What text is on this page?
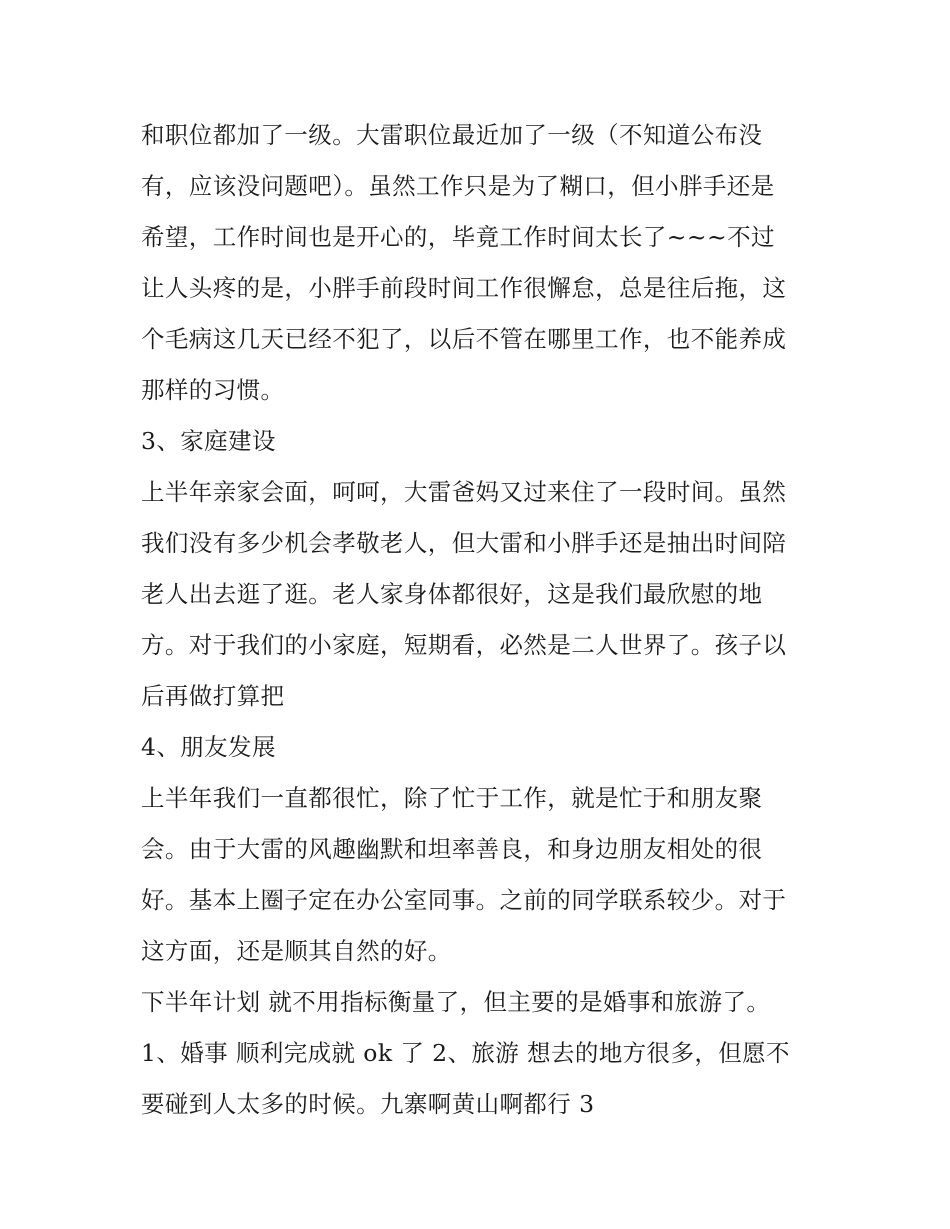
和职位都加了一级。大雷职位最近加了一级（不知道公布没
有，应该没问题吧）。虽然工作只是为了糊口，但小胖手还是
希望，工作时间也是开心的，毕竟工作时间太长了~~~不过
让人头疼的是，小胖手前段时间工作很懈怠，总是往后拖，这
个毛病这几天已经不犯了，以后不管在哪里工作，也不能养成
那样的习惯。
3、家庭建设
上半年亲家会面，呵呵，大雷爸妈又过来住了一段时间。虽然
我们没有多少机会孝敬老人，但大雷和小胖手还是抽出时间陪
老人出去逛了逛。老人家身体都很好，这是我们最欣慰的地
方。对于我们的小家庭，短期看，必然是二人世界了。孩子以
后再做打算把
4、朋友发展
上半年我们一直都很忙，除了忙于工作，就是忙于和朋友聚
会。由于大雷的风趣幽默和坦率善良，和身边朋友相处的很
好。基本上圈子定在办公室同事。之前的同学联系较少。对于
这方面，还是顺其自然的好。
下半年计划 就不用指标衡量了，但主要的是婚事和旅游了。
1、婚事 顺利完成就 ok 了 2、旅游 想去的地方很多，但愿不
要碰到人太多的时候。九寨啊黄山啊都行 3
